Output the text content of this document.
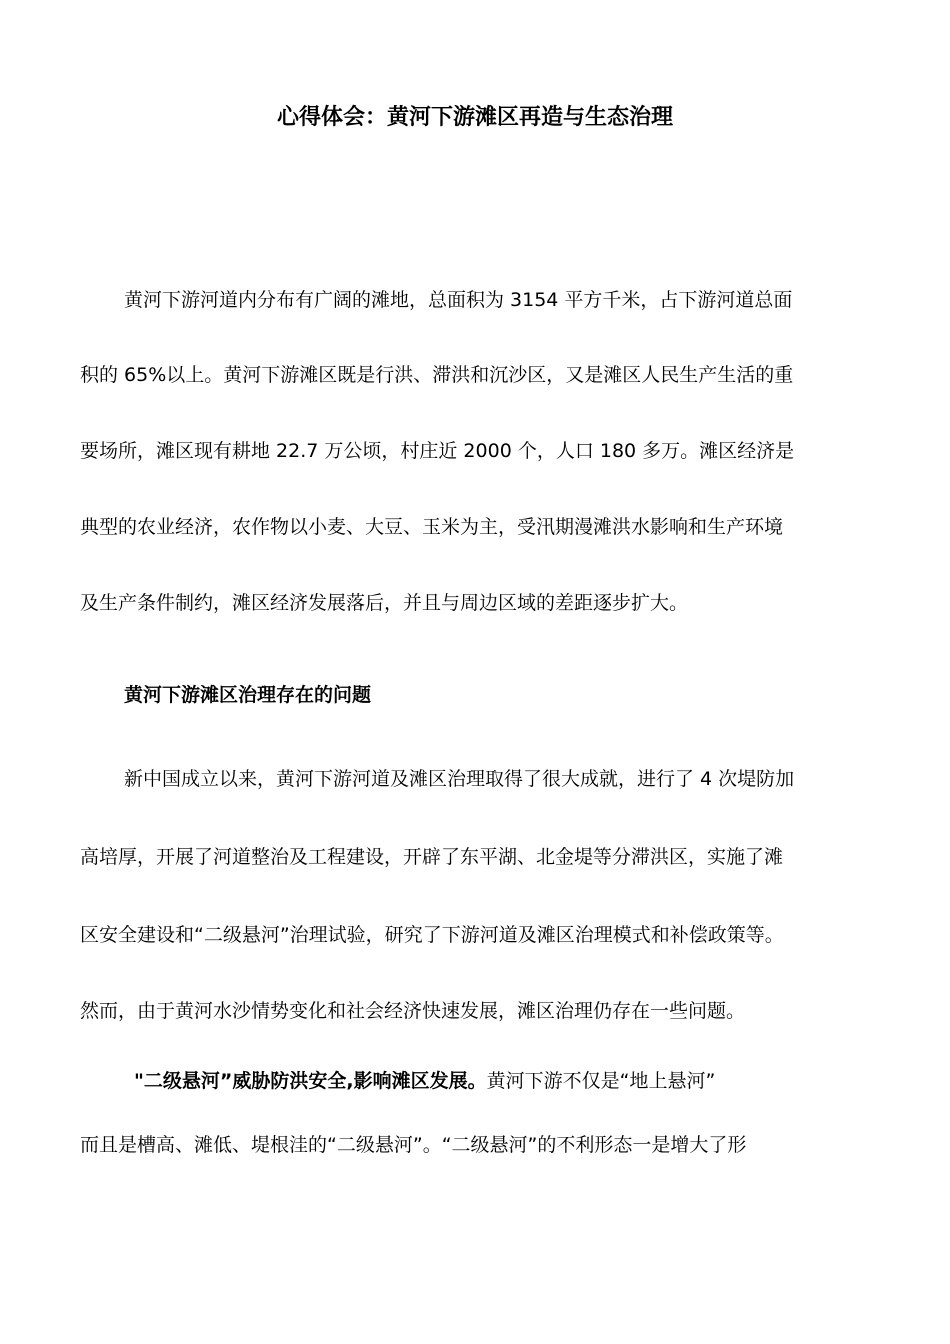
心得体会：黄河下游滩区再造与生态治理
黄河下游河道内分布有广阔的滩地，总面积为 3154 平方千米，占下游河道总面
积的 65%以上。黄河下游滩区既是行洪、滞洪和沉沙区，又是滩区人民生产生活的重
要场所，滩区现有耕地 22.7 万公顷，村庄近 2000 个，人口 180 多万。滩区经济是
典型的农业经济，农作物以小麦、大豆、玉米为主，受汛期漫滩洪水影响和生产环境
及生产条件制约，滩区经济发展落后，并且与周边区域的差距逐步扩大。
黄河下游滩区治理存在的问题
新中国成立以来，黄河下游河道及滩区治理取得了很大成就，进行了 4 次堤防加
高培厚，开展了河道整治及工程建设，开辟了东平湖、北金堤等分滞洪区，实施了滩
区安全建设和“二级悬河”治理试验，研究了下游河道及滩区治理模式和补偿政策等。
然而，由于黄河水沙情势变化和社会经济快速发展，滩区治理仍存在一些问题。
"二级悬河”威胁防洪安全,影响滩区发展。黄河下游不仅是“地上悬河”
而且是槽高、滩低、堤根洼的“二级悬河”。“二级悬河”的不利形态一是增大了形
